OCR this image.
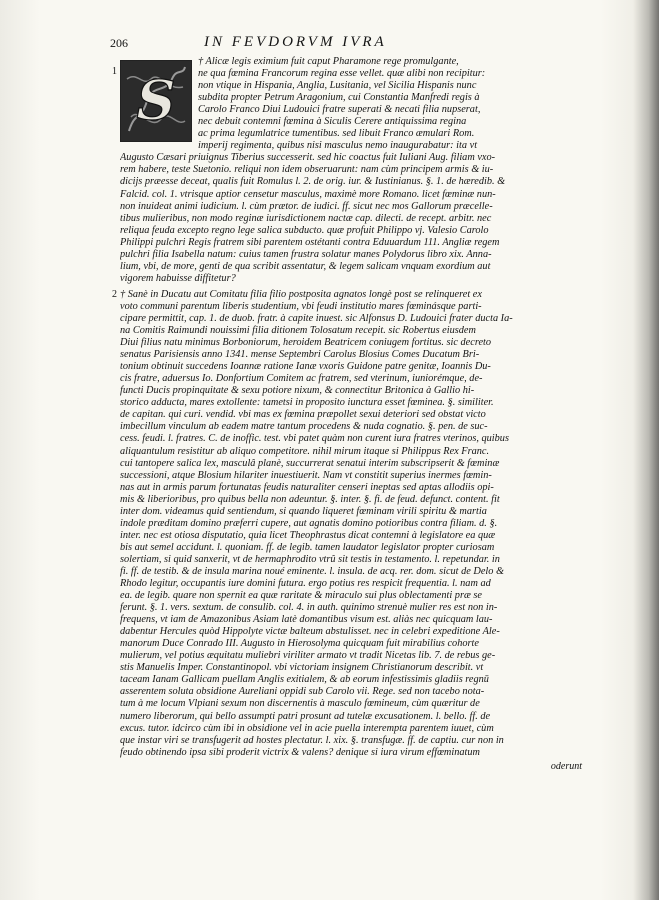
206	IN FEVDORVM IVRA
S
1
† Alicæ legis eximium fuit caput Pharamone rege promulgante,
ne qua fœmina Francorum regina esse vellet. quæ alibi non recipitur:
non vtique in Hispania, Anglia, Lusitania, vel Sicilia Hispanis nunc
subdita propter Petrum Aragonium, cui Constantia Manfredi regis à
Carolo Franco Diui Ludouici fratre superati & necati filia nupserat,
nec debuit contemni fœmina à Siculis Cerere antiquissima regina
ac prima legumlatrice tumentibus. sed libuit Franco æmulari Rom.
imperij regimenta, quibus nisi masculus nemo inaugurabatur: ita vt
Augusto Cæsari priuignus Tiberius successerit. sed hic coactus fuit Iuliani Aug. filiam vxo-
rem habere, teste Suetonio. reliqui non idem obseruarunt: nam cùm principem armis & iu-
dicijs præesse deceat, qualis fuit Romulus l. 2. de orig. iur. & Iustinianus. §. 1. de hæredib. &
Falcid. col. 1. vtrisque aptior censetur masculus, maximè more Romano. licet fœminæ nun-
non inuideat animi iudicium. l. cùm prætor. de iudici. ff. sicut nec mos Gallorum præcelle-
tibus mulieribus, non modo reginæ iurisdictionem nactæ cap. dilecti. de recept. arbitr. nec
reliqua feuda excepto regno lege salica subducto. quæ profuit Philippo vj. Valesio Carolo
Philippi pulchri Regis fratrem sibi parentem ostétanti contra Eduuardum 111. Angliæ regem
pulchri filia Isabella natum: cuius tamen frustra solatur manes Polydorus libro xix. Anna-
lium, vbi, de more, genti de qua scribit assentatur, & legem salicam vnquam exordium aut
vigorem habuisse diffitetur?
2 † Sanè in Ducatu aut Comitatu filia filio postposita agnatos longè post se relinqueret ex
voto communi parentum liberis studentium, vbi feudi institutio mares fœminásque parti-
cipare permittit, cap. 1. de duob. fratr. à capite inuest. sic Alfonsus D. Ludouici frater ducta Ia-
na Comitis Raimundi nouissimi filia ditionem Tolosatum recepit. sic Robertus eiusdem
Diui filius natu minimus Borboniorum, heroidem Beatricem coniugem fortitus. sic decreto
senatus Parisiensis anno 1341. mense Septembri Carolus Blosius Comes Ducatum Bri-
tonium obtinuit succedens Ioannæ ratione Ianæ vxoris Guidone patre genitæ, Ioannis Du-
cis fratre, aduersus Io. Donfortium Comitem ac fratrem, sed vterinum, iuniorémque, de-
functi Ducis propinquitate & sexu potiore nixum, & connectitur Britonica à Gallio hi-
storico adducta, mares extollente: tametsi in proposito iunctura esset fœminea. §. similiter.
de capitan. qui curi. vendid. vbi mas ex fœmina præpollet sexui deteriori sed obstat victo
imbecillum vinculum ab eadem matre tantum procedens & nuda cognatio. §. pen. de suc-
cess. feudi. l. fratres. C. de inoffic. test. vbi patet quàm non curent iura fratres vterinos, quibus
aliquantulum resistitur ab aliquo competitore. nihil mirum itaque si Philippus Rex Franc.
cui tantopere salica lex, masculâ planè, succurrerat senatui interim subscripserit & fœminæ
successioni, atque Blosium hilariter inuestiuerit. Nam vt constitit superius inermes fœmin-
nas aut in armis parum fortunatas feudis naturaliter censeri ineptas sed aptas allodiis opi-
mis & liberioribus, pro quibus bella non adeuntur. §. inter. §. fi. de feud. defunct. content. fit
inter dom. videamus quid sentiendum, si quando liqueret fœminam virili spiritu & martia
indole præditam domino præferri cupere, aut agnatis domino potioribus contra filiam. d. §.
inter. nec est otiosa disputatio, quia licet Theophrastus dicat contemni à legislatore ea quæ
bis aut semel accidunt. l. quoniam. ff. de legib. tamen laudator legislator propter curiosam
solertiam, si quid sanxerit, vt de hermaphrodito vtrû sit testis in testamento. l. repetundar. in
fi. ff. de testib. & de insula marina noué eminente. l. insula. de acq. rer. dom. sicut de Delo &
Rhodo legitur, occupantis iure domini futura. ergo potius res respicit frequentia. l. nam ad
ea. de legib. quare non spernit ea quæ raritate & miraculo sui plus oblectamenti præ se
ferunt. §. 1. vers. sextum. de consulib. col. 4. in auth. quinimo strenuè mulier res est non in-
frequens, vt iam de Amazonibus Asiam latè domantibus visum est. aliàs nec quicquam lau-
dabentur Hercules quòd Hippolyte victæ balteum abstulisset. nec in celebri expeditione Ale-
manorum Duce Conrado III. Augusto in Hierosolyma quicquam fuit mirabilius cohorte
mulierum, vel potius æquitatu muliebri viriliter armato vt tradit Nicetas lib. 7. de rebus ge-
stis Manuelis Imper. Constantinopol. vbi victoriam insignem Christianorum describit. vt
taceam Ianam Gallicam puellam Anglis exitialem, & ab eorum infestissimis gladiis regnū
asserentem soluta obsidione Aureliani oppidi sub Carolo vii. Rege. sed non tacebo nota-
tum à me locum Vlpiani sexum non discernentis à masculo fœmineum, cùm quæritur de
numero liberorum, qui bello assumpti patri prosunt ad tutelæ excusationem. l. bello. ff. de
excus. tutor. idcirco cùm ibi in obsidione vel in acie puella interempta parentem iuuet, cùm
que instar viri se transfugerit ad hostes plectatur. l. xix. §. transfugæ. ff. de captiu. cur non in
feudo obtinendo ipsa sibi proderit victrix & valens? denique si iura virum effœminatum
oderunt
